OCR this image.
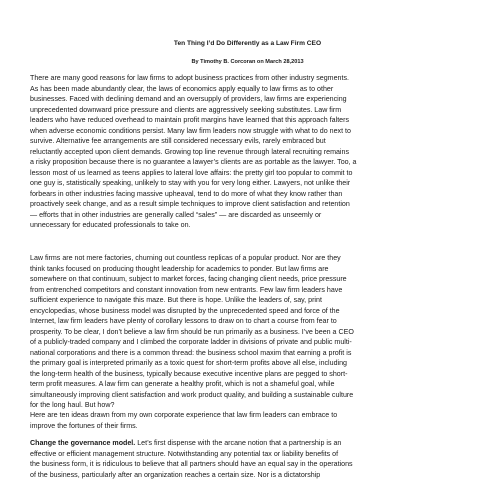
Ten Thing I’d Do Differently as a Law Firm CEO
By Timothy B. Corcoran on March 28,2013
There are many good reasons for law firms to adopt business practices from other industry segments.
As has been made abundantly clear, the laws of economics apply equally to law firms as to other
businesses. Faced with declining demand and an oversupply of providers, law firms are experiencing
unprecedented downward price pressure and clients are aggressively seeking substitutes. Law firm
leaders who have reduced overhead to maintain profit margins have learned that this approach falters
when adverse economic conditions persist. Many law firm leaders now struggle with what to do next to
survive. Alternative fee arrangements are still considered necessary evils, rarely embraced but
reluctantly accepted upon client demands. Growing top line revenue through lateral recruiting remains
a risky proposition because there is no guarantee a lawyer’s clients are as portable as the lawyer. Too, a
lesson most of us learned as teens applies to lateral love affairs: the pretty girl too popular to commit to
one guy is, statistically speaking, unlikely to stay with you for very long either. Lawyers, not unlike their
forbears in other industries facing massive upheaval, tend to do more of what they know rather than
proactively seek change, and as a result simple techniques to improve client satisfaction and retention
— efforts that in other industries are generally called “sales” — are discarded as unseemly or
unnecessary for educated professionals to take on.
Law firms are not mere factories, churning out countless replicas of a popular product. Nor are they
think tanks focused on producing thought leadership for academics to ponder. But law firms are
somewhere on that continuum, subject to market forces, facing changing client needs, price pressure
from entrenched competitors and constant innovation from new entrants. Few law firm leaders have
sufficient experience to navigate this maze. But there is hope. Unlike the leaders of, say, print
encyclopedias, whose business model was disrupted by the unprecedented speed and force of the
Internet, law firm leaders have plenty of corollary lessons to draw on to chart a course from fear to
prosperity. To be clear, I don’t believe a law firm should be run primarily as a business. I’ve been a CEO
of a publicly-traded company and I climbed the corporate ladder in divisions of private and public multi-
national corporations and there is a common thread: the business school maxim that earning a profit is
the primary goal is interpreted primarily as a toxic quest for short-term profits above all else, including
the long-term health of the business, typically because executive incentive plans are pegged to short-
term profit measures. A law firm can generate a healthy profit, which is not a shameful goal, while
simultaneously improving client satisfaction and work product quality, and building a sustainable culture
for the long haul. But how?
Here are ten ideas drawn from my own corporate experience that law firm leaders can embrace to
improve the fortunes of their firms.
Change the governance model. Let’s first dispense with the arcane notion that a partnership is an
effective or efficient management structure. Notwithstanding any potential tax or liability benefits of
the business form, it is ridiculous to believe that all partners should have an equal say in the operations
of the business, particularly after an organization reaches a certain size. Nor is a dictatorship
